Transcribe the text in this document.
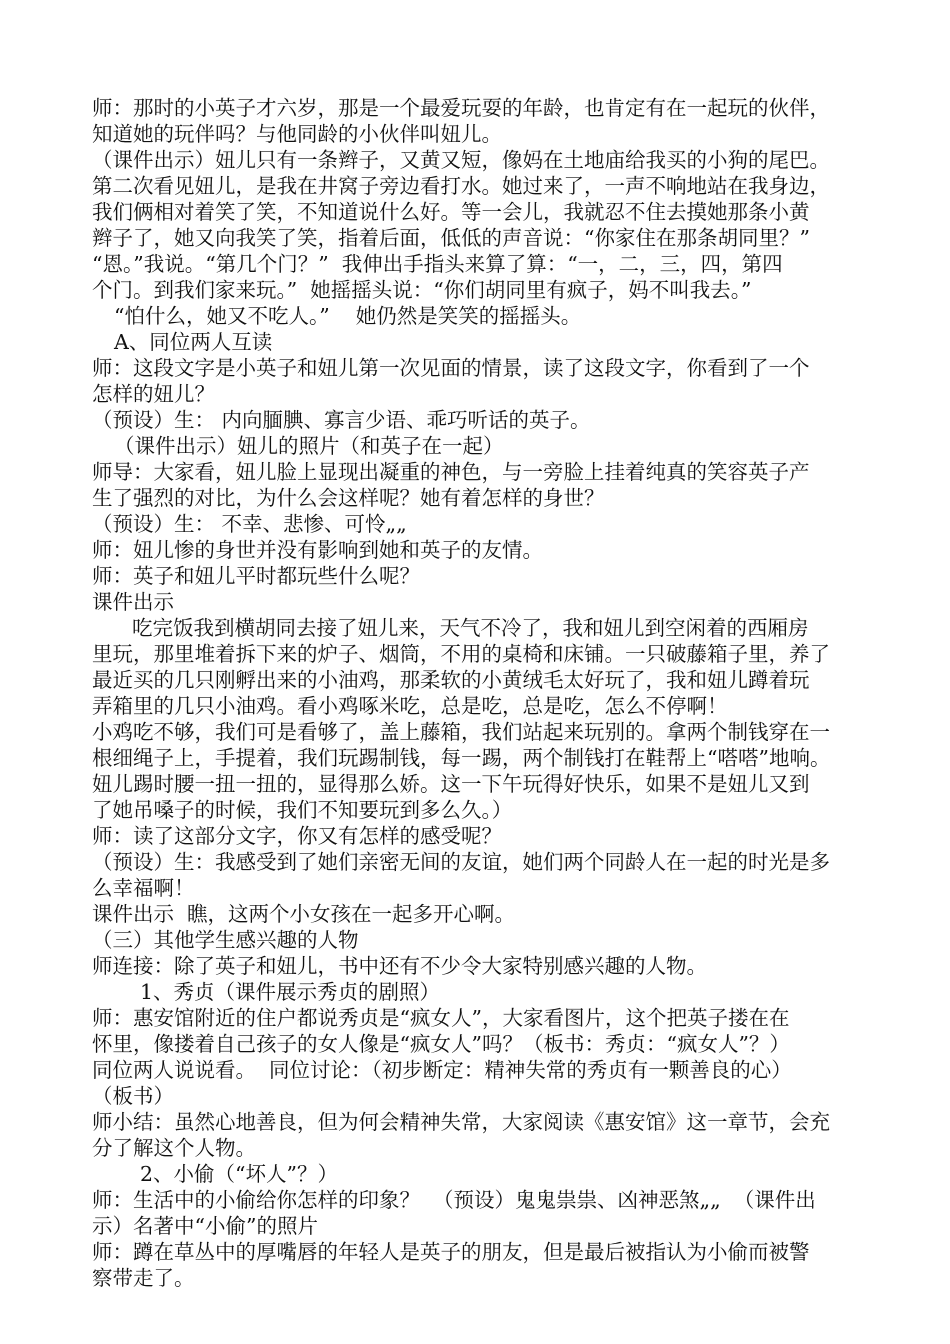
师：那时的小英子才六岁，那是一个最爱玩耍的年龄，也肯定有在一起玩的伙伴，
知道她的玩伴吗？与他同龄的小伙伴叫妞儿。
（课件出示）妞儿只有一条辫子，又黄又短，像妈在土地庙给我买的小狗的尾巴。
第二次看见妞儿，是我在井窝子旁边看打水。她过来了，一声不响地站在我身边，
我们俩相对着笑了笑，不知道说什么好。等一会儿，我就忍不住去摸她那条小黄
辫子了，她又向我笑了笑，指着后面，低低的声音说：“你家住在那条胡同里？”
“恩。”我说。“第几个门？”  我伸出手指头来算了算：“一，二，三，四，第四
个门。到我们家来玩。”  她摇摇头说：“你们胡同里有疯子，妈不叫我去。”
“怕什么，她又不吃人。”    她仍然是笑笑的摇摇头。
A、同位两人互读
师：这段文字是小英子和妞儿第一次见面的情景，读了这段文字，你看到了一个
怎样的妞儿？
（预设）生： 内向腼腆、寡言少语、乖巧听话的英子。
（课件出示）妞儿的照片（和英子在一起）
师导：大家看，妞儿脸上显现出凝重的神色，与一旁脸上挂着纯真的笑容英子产
生了强烈的对比，为什么会这样呢？她有着怎样的身世？
（预设）生： 不幸、悲惨、可怜„„
师：妞儿惨的身世并没有影响到她和英子的友情。
师：英子和妞儿平时都玩些什么呢？
课件出示
吃完饭我到横胡同去接了妞儿来，天气不冷了，我和妞儿到空闲着的西厢房
里玩，那里堆着拆下来的炉子、烟筒，不用的桌椅和床铺。一只破藤箱子里，养了
最近买的几只刚孵出来的小油鸡，那柔软的小黄绒毛太好玩了，我和妞儿蹲着玩
弄箱里的几只小油鸡。看小鸡啄米吃，总是吃，总是吃，怎么不停啊！
小鸡吃不够，我们可是看够了，盖上藤箱，我们站起来玩别的。拿两个制钱穿在一
根细绳子上，手提着，我们玩踢制钱，每一踢，两个制钱打在鞋帮上“嗒嗒”地响。
妞儿踢时腰一扭一扭的，显得那么娇。这一下午玩得好快乐，如果不是妞儿又到
了她吊嗓子的时候，我们不知要玩到多么久。）
师：读了这部分文字，你又有怎样的感受呢？
（预设）生：我感受到了她们亲密无间的友谊，她们两个同龄人在一起的时光是多
么幸福啊！
课件出示  瞧，这两个小女孩在一起多开心啊。
（三）其他学生感兴趣的人物
师连接：除了英子和妞儿，书中还有不少令大家特别感兴趣的人物。
1、秀贞（课件展示秀贞的剧照）
师：惠安馆附近的住户都说秀贞是“疯女人”，大家看图片，这个把英子搂在在
怀里，像搂着自己孩子的女人像是“疯女人”吗？（板书：秀贞：“疯女人”？）
同位两人说说看。  同位讨论：（初步断定：精神失常的秀贞有一颗善良的心）
（板书）
师小结：虽然心地善良，但为何会精神失常，大家阅读《惠安馆》这一章节，会充
分了解这个人物。
2、小偷（“坏人”？）
师：生活中的小偷给你怎样的印象？  （预设）鬼鬼祟祟、凶神恶煞„„  （课件出
示）名著中“小偷”的照片
师：蹲在草丛中的厚嘴唇的年轻人是英子的朋友，但是最后被指认为小偷而被警
察带走了。
